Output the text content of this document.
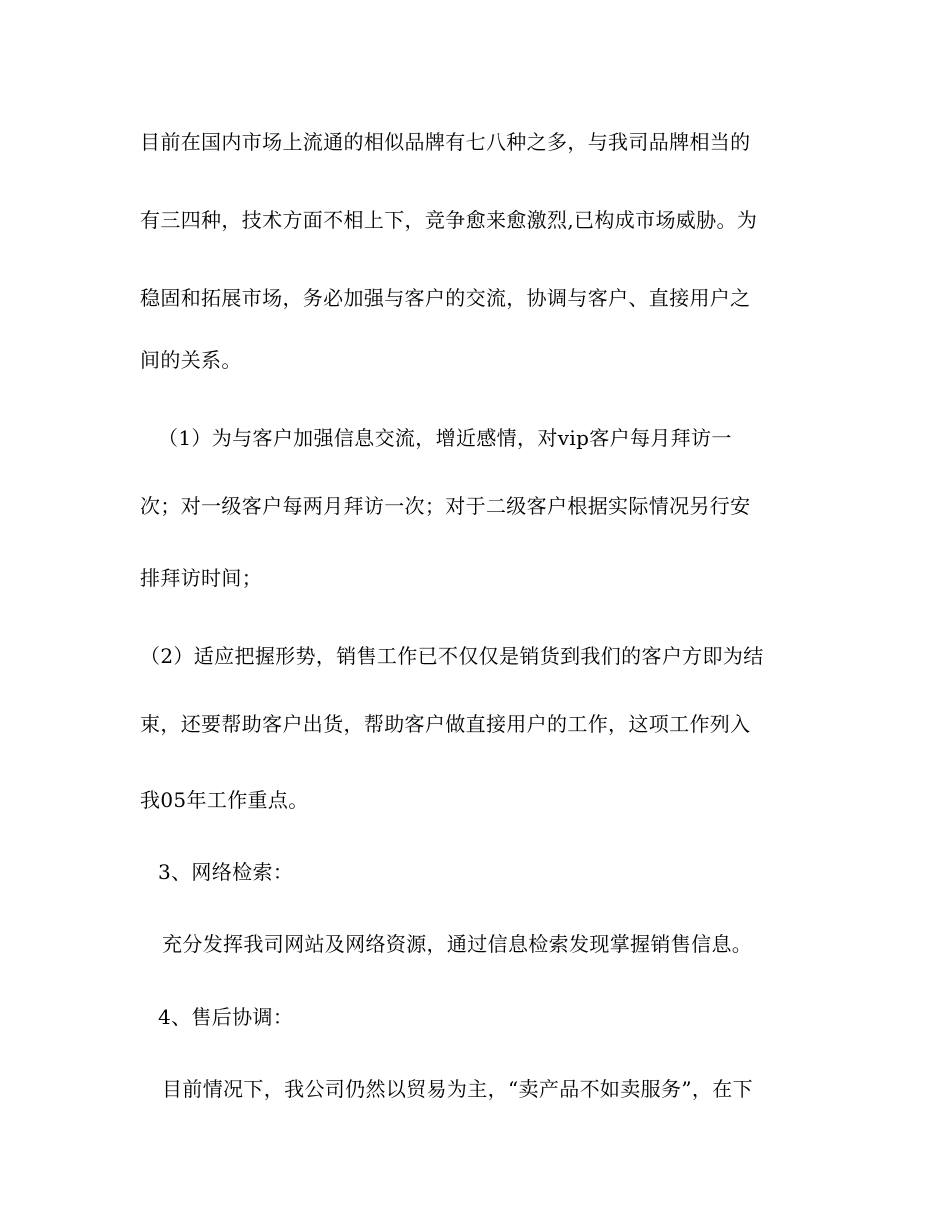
目前在国内市场上流通的相似品牌有七八种之多，与我司品牌相当的
有三四种，技术方面不相上下，竞争愈来愈激烈,已构成市场威胁。为
稳固和拓展市场，务必加强与客户的交流，协调与客户、直接用户之
间的关系。
（1）为与客户加强信息交流，增近感情，对vip客户每月拜访一
次；对一级客户每两月拜访一次；对于二级客户根据实际情况另行安
排拜访时间；
（2）适应把握形势，销售工作已不仅仅是销货到我们的客户方即为结
束，还要帮助客户出货，帮助客户做直接用户的工作，这项工作列入
我05年工作重点。
3、网络检索：
充分发挥我司网站及网络资源，通过信息检索发现掌握销售信息。
4、售后协调：
目前情况下，我公司仍然以贸易为主，“卖产品不如卖服务”，在下
